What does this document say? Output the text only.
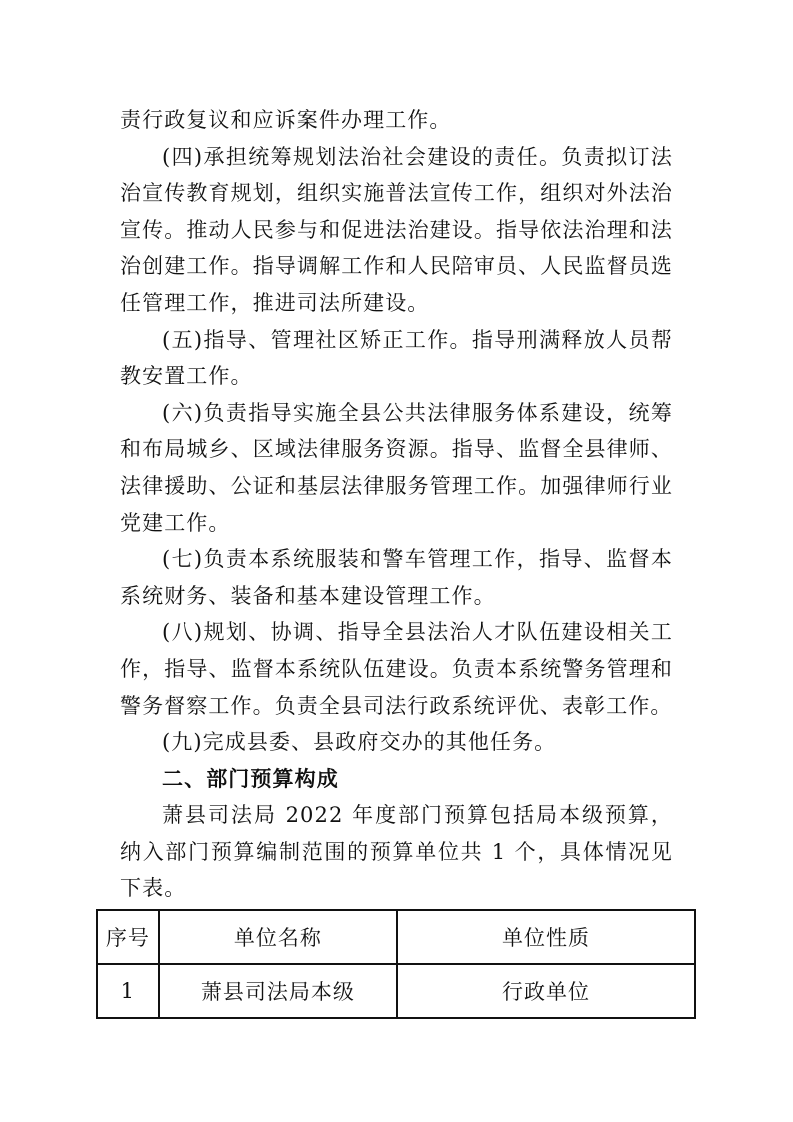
责行政复议和应诉案件办理工作。

(四)承担统筹规划法治社会建设的责任。负责拟订法治宣传教育规划，组织实施普法宣传工作，组织对外法治宣传。推动人民参与和促进法治建设。指导依法治理和法治创建工作。指导调解工作和人民陪审员、人民监督员选任管理工作，推进司法所建设。

(五)指导、管理社区矫正工作。指导刑满释放人员帮教安置工作。

(六)负责指导实施全县公共法律服务体系建设，统筹和布局城乡、区域法律服务资源。指导、监督全县律师、法律援助、公证和基层法律服务管理工作。加强律师行业党建工作。

(七)负责本系统服装和警车管理工作，指导、监督本系统财务、装备和基本建设管理工作。

(八)规划、协调、指导全县法治人才队伍建设相关工作，指导、监督本系统队伍建设。负责本系统警务管理和警务督察工作。负责全县司法行政系统评优、表彰工作。

(九)完成县委、县政府交办的其他任务。

二、部门预算构成

萧县司法局 2022 年度部门预算包括局本级预算，纳入部门预算编制范围的预算单位共 1 个，具体情况见下表。

序号	单位名称	单位性质
1	萧县司法局本级	行政单位
